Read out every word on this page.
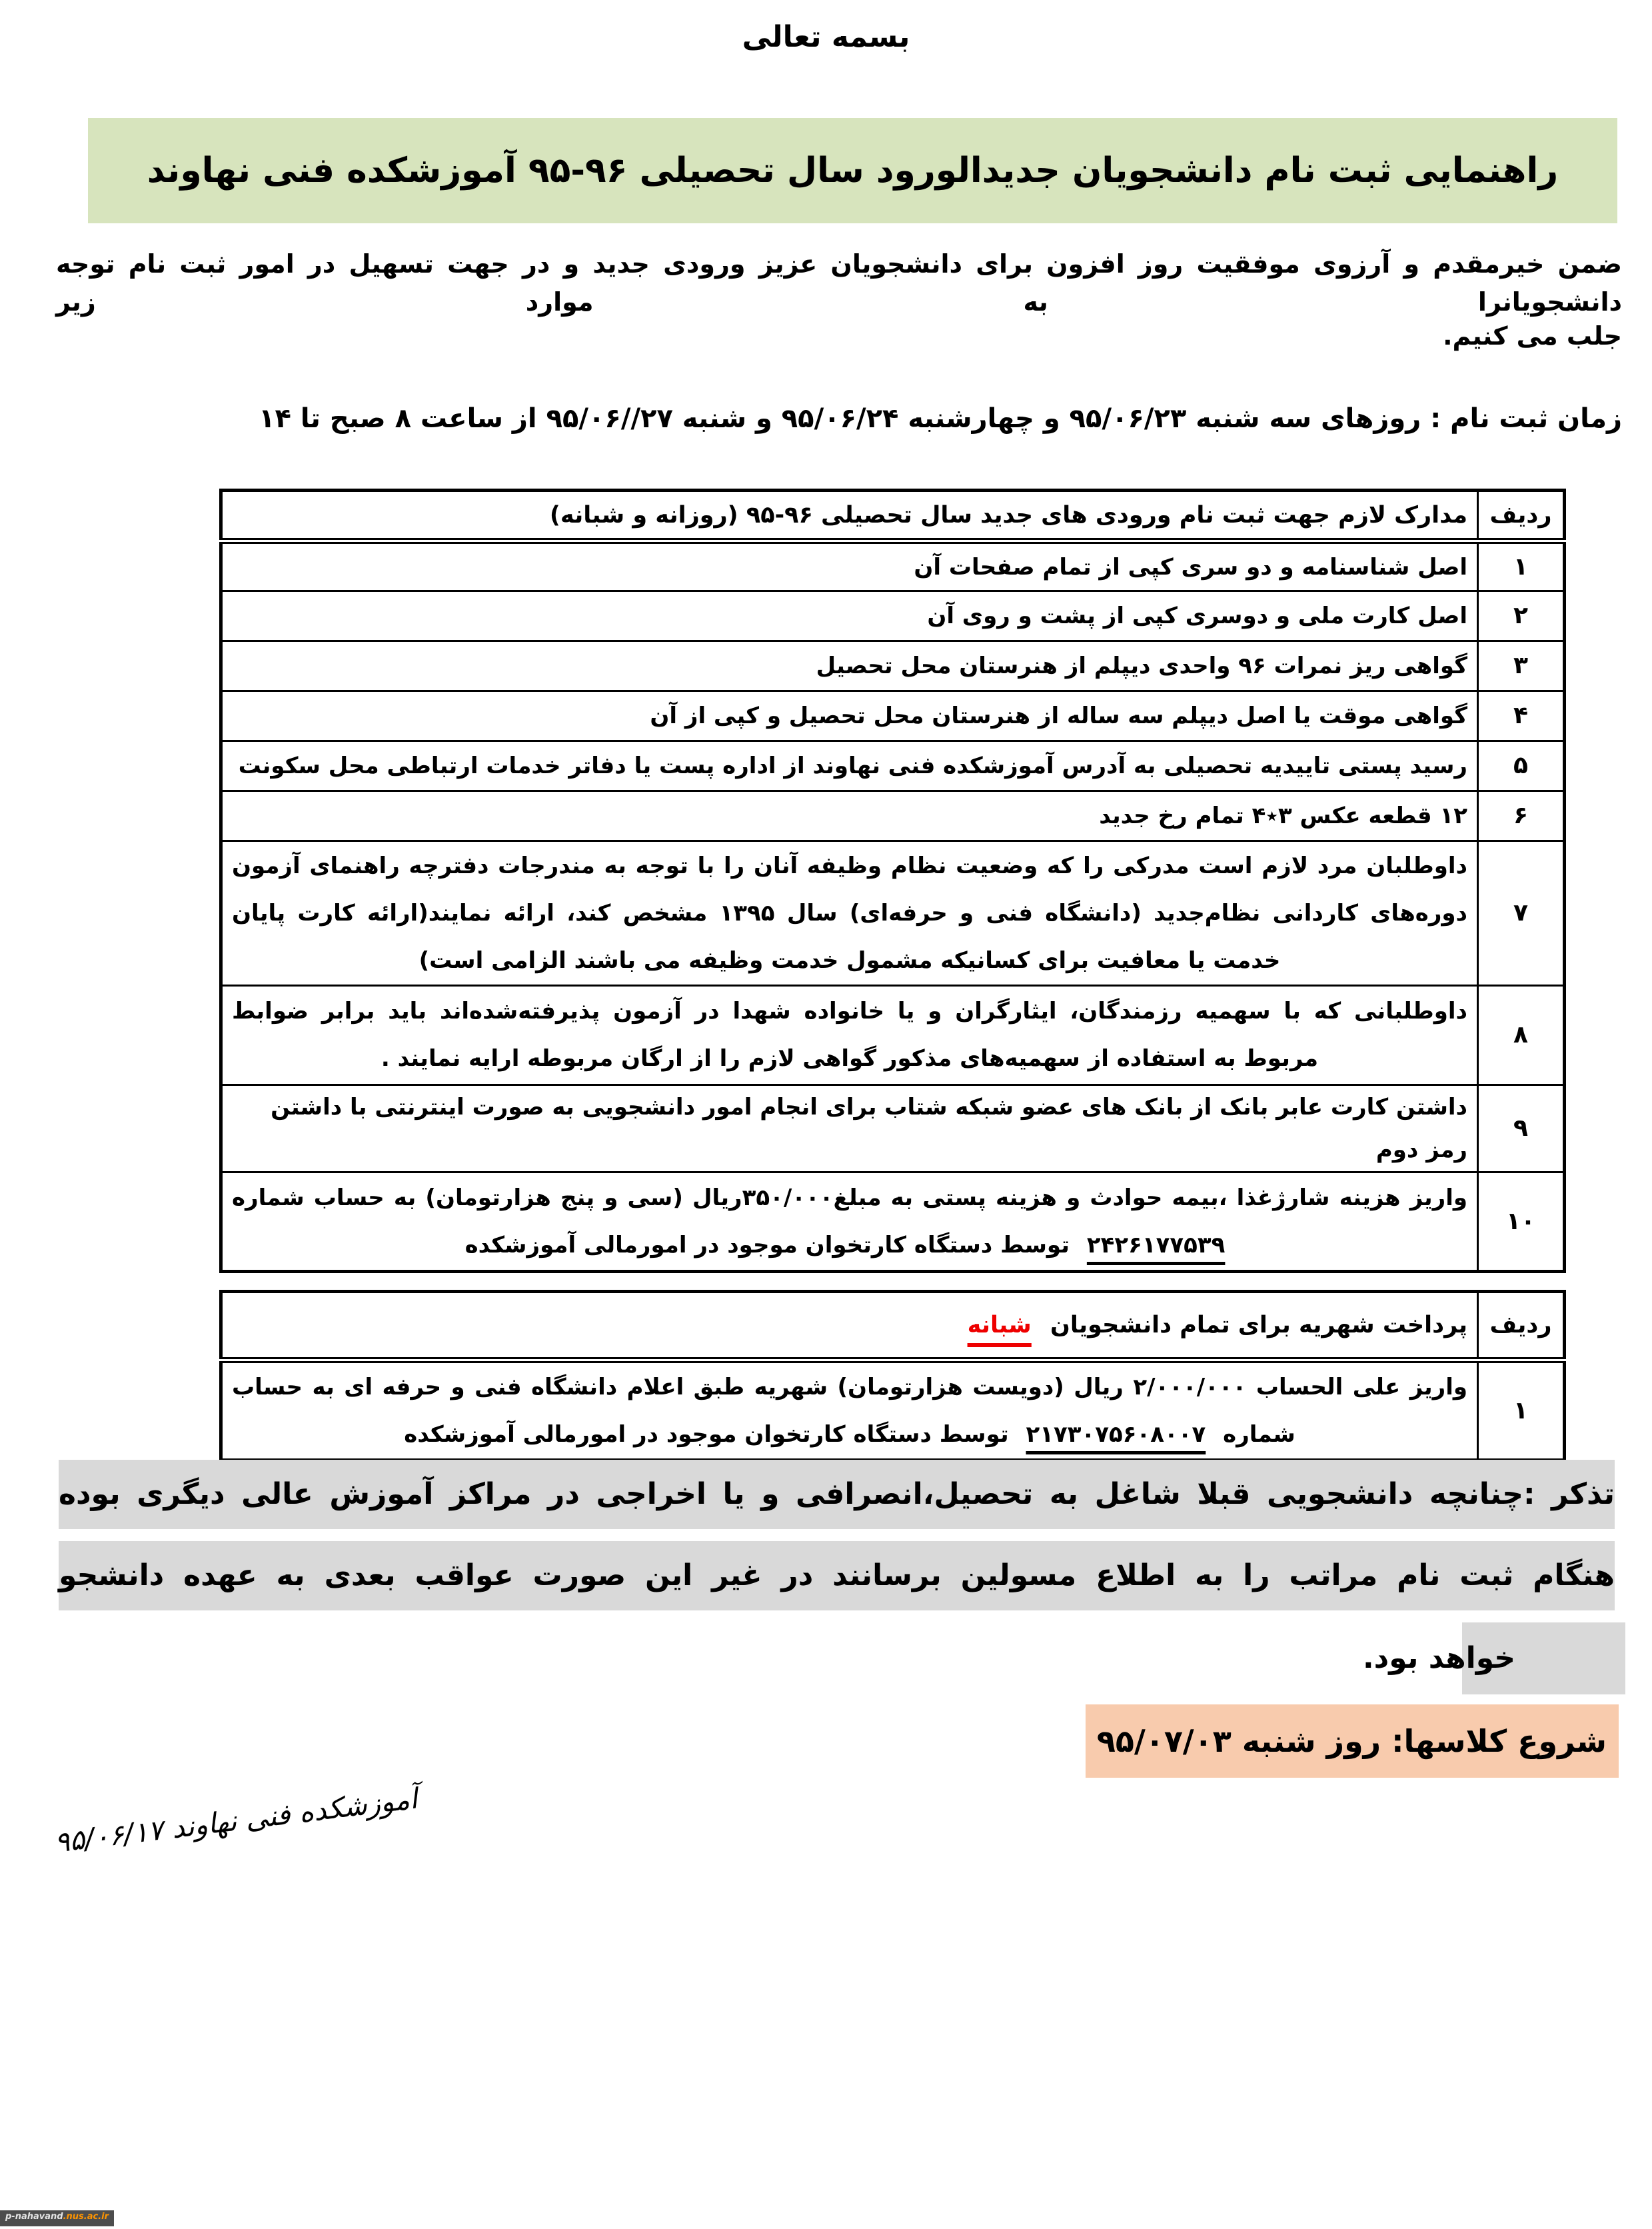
بسمه تعالی
راهنمایی ثبت نام دانشجویان جدیدالورود سال تحصیلی ۹۶-۹۵ آموزشکده فنی نهاوند
ضمن خیرمقدم و آرزوی موفقیت روز افزون برای دانشجویان عزیز ورودی جدید و در جهت تسهیل در امور ثبت نام توجه دانشجویانرا به موارد زیر
جلب می کنیم.
زمان ثبت نام : روزهای سه شنبه ۹۵/۰۶/۲۳ و چهارشنبه ۹۵/۰۶/۲۴ و شنبه ⁦۹۵/۰۶//۲۷⁩ از ساعت ۸ صبح تا ۱۴
ردیف	مدارک لازم جهت ثبت نام ورودی های جدید سال تحصیلی ۹۶-۹۵ (روزانه و شبانه)
۱	اصل شناسنامه و دو سری کپی از تمام صفحات آن
۲	اصل کارت ملی و دوسری کپی از پشت و روی آن
۳	گواهی ریز نمرات ۹۶ واحدی دیپلم از هنرستان محل تحصیل
۴	گواهی موقت یا اصل دیپلم سه ساله از هنرستان محل تحصیل و کپی از آن
۵	رسید پستی تاییدیه تحصیلی به آدرس آموزشکده فنی نهاوند از اداره پست یا دفاتر خدمات ارتباطی محل سکونت
۶	۱۲ قطعه عکس ۳٭۴ تمام رخ جدید
۷	داوطلبان مرد لازم است مدرکی را که وضعیت نظام وظیفه آنان را با توجه به مندرجات دفترچه راهنمای آزمون دوره‌های کاردانی نظام‌جدید (دانشگاه فنی و حرفه‌ای) سال ۱۳۹۵ مشخص کند، ارائه نمایند(ارائه کارت پایان خدمت یا معافیت برای کسانیکه مشمول خدمت وظیفه می باشند الزامی است)
۸	داوطلبانی که با سهمیه رزمندگان، ایثارگران و یا خانواده شهدا در آزمون پذیرفته‌شده‌اند باید برابر ضوابط مربوط به استفاده از سهمیه‌های مذکور گواهی لازم را از ارگان مربوطه ارایه نمایند .
۹	داشتن کارت عابر بانک از بانک های عضو شبکه شتاب برای انجام امور دانشجویی به صورت اینترنتی با داشتن رمز دوم
۱۰	واریز هزینه شارژغذا ،بیمه حوادث و هزینه پستی به مبلغ۳۵۰/۰۰۰ریال (سی و پنج هزارتومان) به حساب شماره ۲۴۲۶۱۷۷۵۳۹ توسط دستگاه کارتخوان موجود در امورمالی آموزشکده
ردیف	پرداخت شهریه برای تمام دانشجویان شبانه
۱	واریز علی الحساب ۲/۰۰۰/۰۰۰ ریال (دویست هزارتومان) شهریه طبق اعلام دانشگاه فنی و حرفه ای به حساب شماره ۲۱۷۳۰۷۵۶۰۸۰۰۷ توسط دستگاه کارتخوان موجود در امورمالی آموزشکده
تذکر :چنانچه دانشجویی قبلا شاغل به تحصیل،انصرافی و یا اخراجی در مراکز آموزش عالی دیگری بوده
هنگام ثبت نام مراتب را به اطلاع مسولین برسانند در غیر این صورت عواقب بعدی به عهده دانشجو
خواهد بود.
شروع کلاسها: روز شنبه ۹۵/۰۷/۰۳
آموزشکده فنی نهاوند ۹۵/۰۶/۱۷
p-nahavand.nus.ac.ir
